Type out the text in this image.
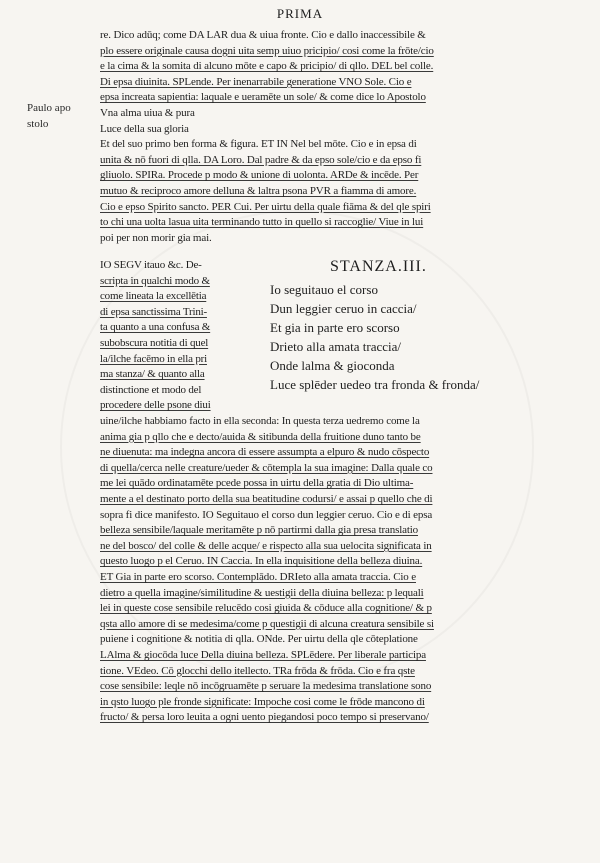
PRIMA
Paulo apo
stolo
re. Dico adūq; come DA LAR dua & uiua fronte. Cio e dallo inaccessibile &
plo essere originale causa dogni uita semp uiuo pricipio/ cosi come la frōte/cio
e la cima & la somita di alcuno mōte e capo & pricipio/ di qllo. DEL bel colle.
Di epsa diuinita. SPLende. Per inenarrabile generatione VNO Sole. Cio e
epsa increata sapientia: laquale e ueramēte un sole/ & come dice lo Apostolo
Vna alma uiua & pura
Luce della sua gloria
Et del suo primo ben forma & figura. ET IN Nel bel mōte. Cio e in epsa di
unita & nō fuori di qlla. DA Loro. Dal padre & da epso sole/cio e da epso fi
gliuolo. SPIRa. Procede p modo & unione di uolonta. ARDe & incēde. Per
mutuo & reciproco amore delluna & laltra psona PVR a fiamma di amore.
Cio e epso Spirito sancto. PER Cui. Per uirtu della quale fiāma & del qle spiri
to chi una uolta lasua uita terminando tutto in quello si raccoglie/ Viue in lui
poi per non morir gia mai.
IO SEGV itauo &c. De-
scripta in qualchi modo &
come lineata la excellētia
di epsa sanctissima Trini-
ta quanto a una confusa &
subobscura notitia di quel
la/ilche facēmo in ella pri
ma stanza/ & quanto alla
distinctione et modo del
procedere delle psone diui
STANZA.III.
Io seguitauo el corso
Dun leggier ceruo in caccia/
Et gia in parte ero scorso
Drieto alla amata traccia/
Onde lalma & gioconda
Luce splēder uedeo tra fronda & fronda/
uine/ilche habbiamo facto in ella seconda: In questa terza uedremo come la
anima gia p qllo che e decto/auida & sitibunda della fruitione duno tanto be
ne diuenuta: ma indegna ancora di essere assumpta a elpuro & nudo cōspecto
di quella/cerca nelle creature/ueder & cōtempla la sua imagine: Dalla quale co
me lei quādo ordinatamēte pcede possa in uirtu della gratia di Dio ultima-
mente a el destinato porto della sua beatitudine codursi/ e assai p quello che di
sopra fi dice manifesto. IO Seguitauo el corso dun leggier ceruo. Cio e di epsa
belleza sensibile/laquale meritamēte p nō partirmi dalla gia presa translatio
ne del bosco/ del colle & delle acque/ e rispecto alla sua uelocita significata in
questo luogo p el Ceruo. IN Caccia. In ella inquisitione della belleza diuina.
ET Gia in parte ero scorso. Contemplādo. DRIeto alla amata traccia. Cio e
dietro a quella imagine/similitudine & uestigii della diuina belleza: p lequali
lei in queste cose sensibile relucēdo cosi giuida & cōduce alla cognitione/ & p
qsta allo amore di se medesima/come p questigii di alcuna creatura sensibile si
puiene i cognitione & notitia di qlla. ONde. Per uirtu della qle cōteplatione
LAlma & giocōda luce Della diuina belleza. SPLēdere. Per liberale participa
tione. VEdeo. Cō glocchi dello itellecto. TRa frōda & frōda. Cio e fra qste
cose sensibile: leqle nō incōgruamēte p seruare la medesima translatione sono
in qsto luogo ple fronde significate: Impoche cosi come le frōde mancono di
fructo/ & persa loro leuita a ogni uento piegandosi poco tempo si preservano/
